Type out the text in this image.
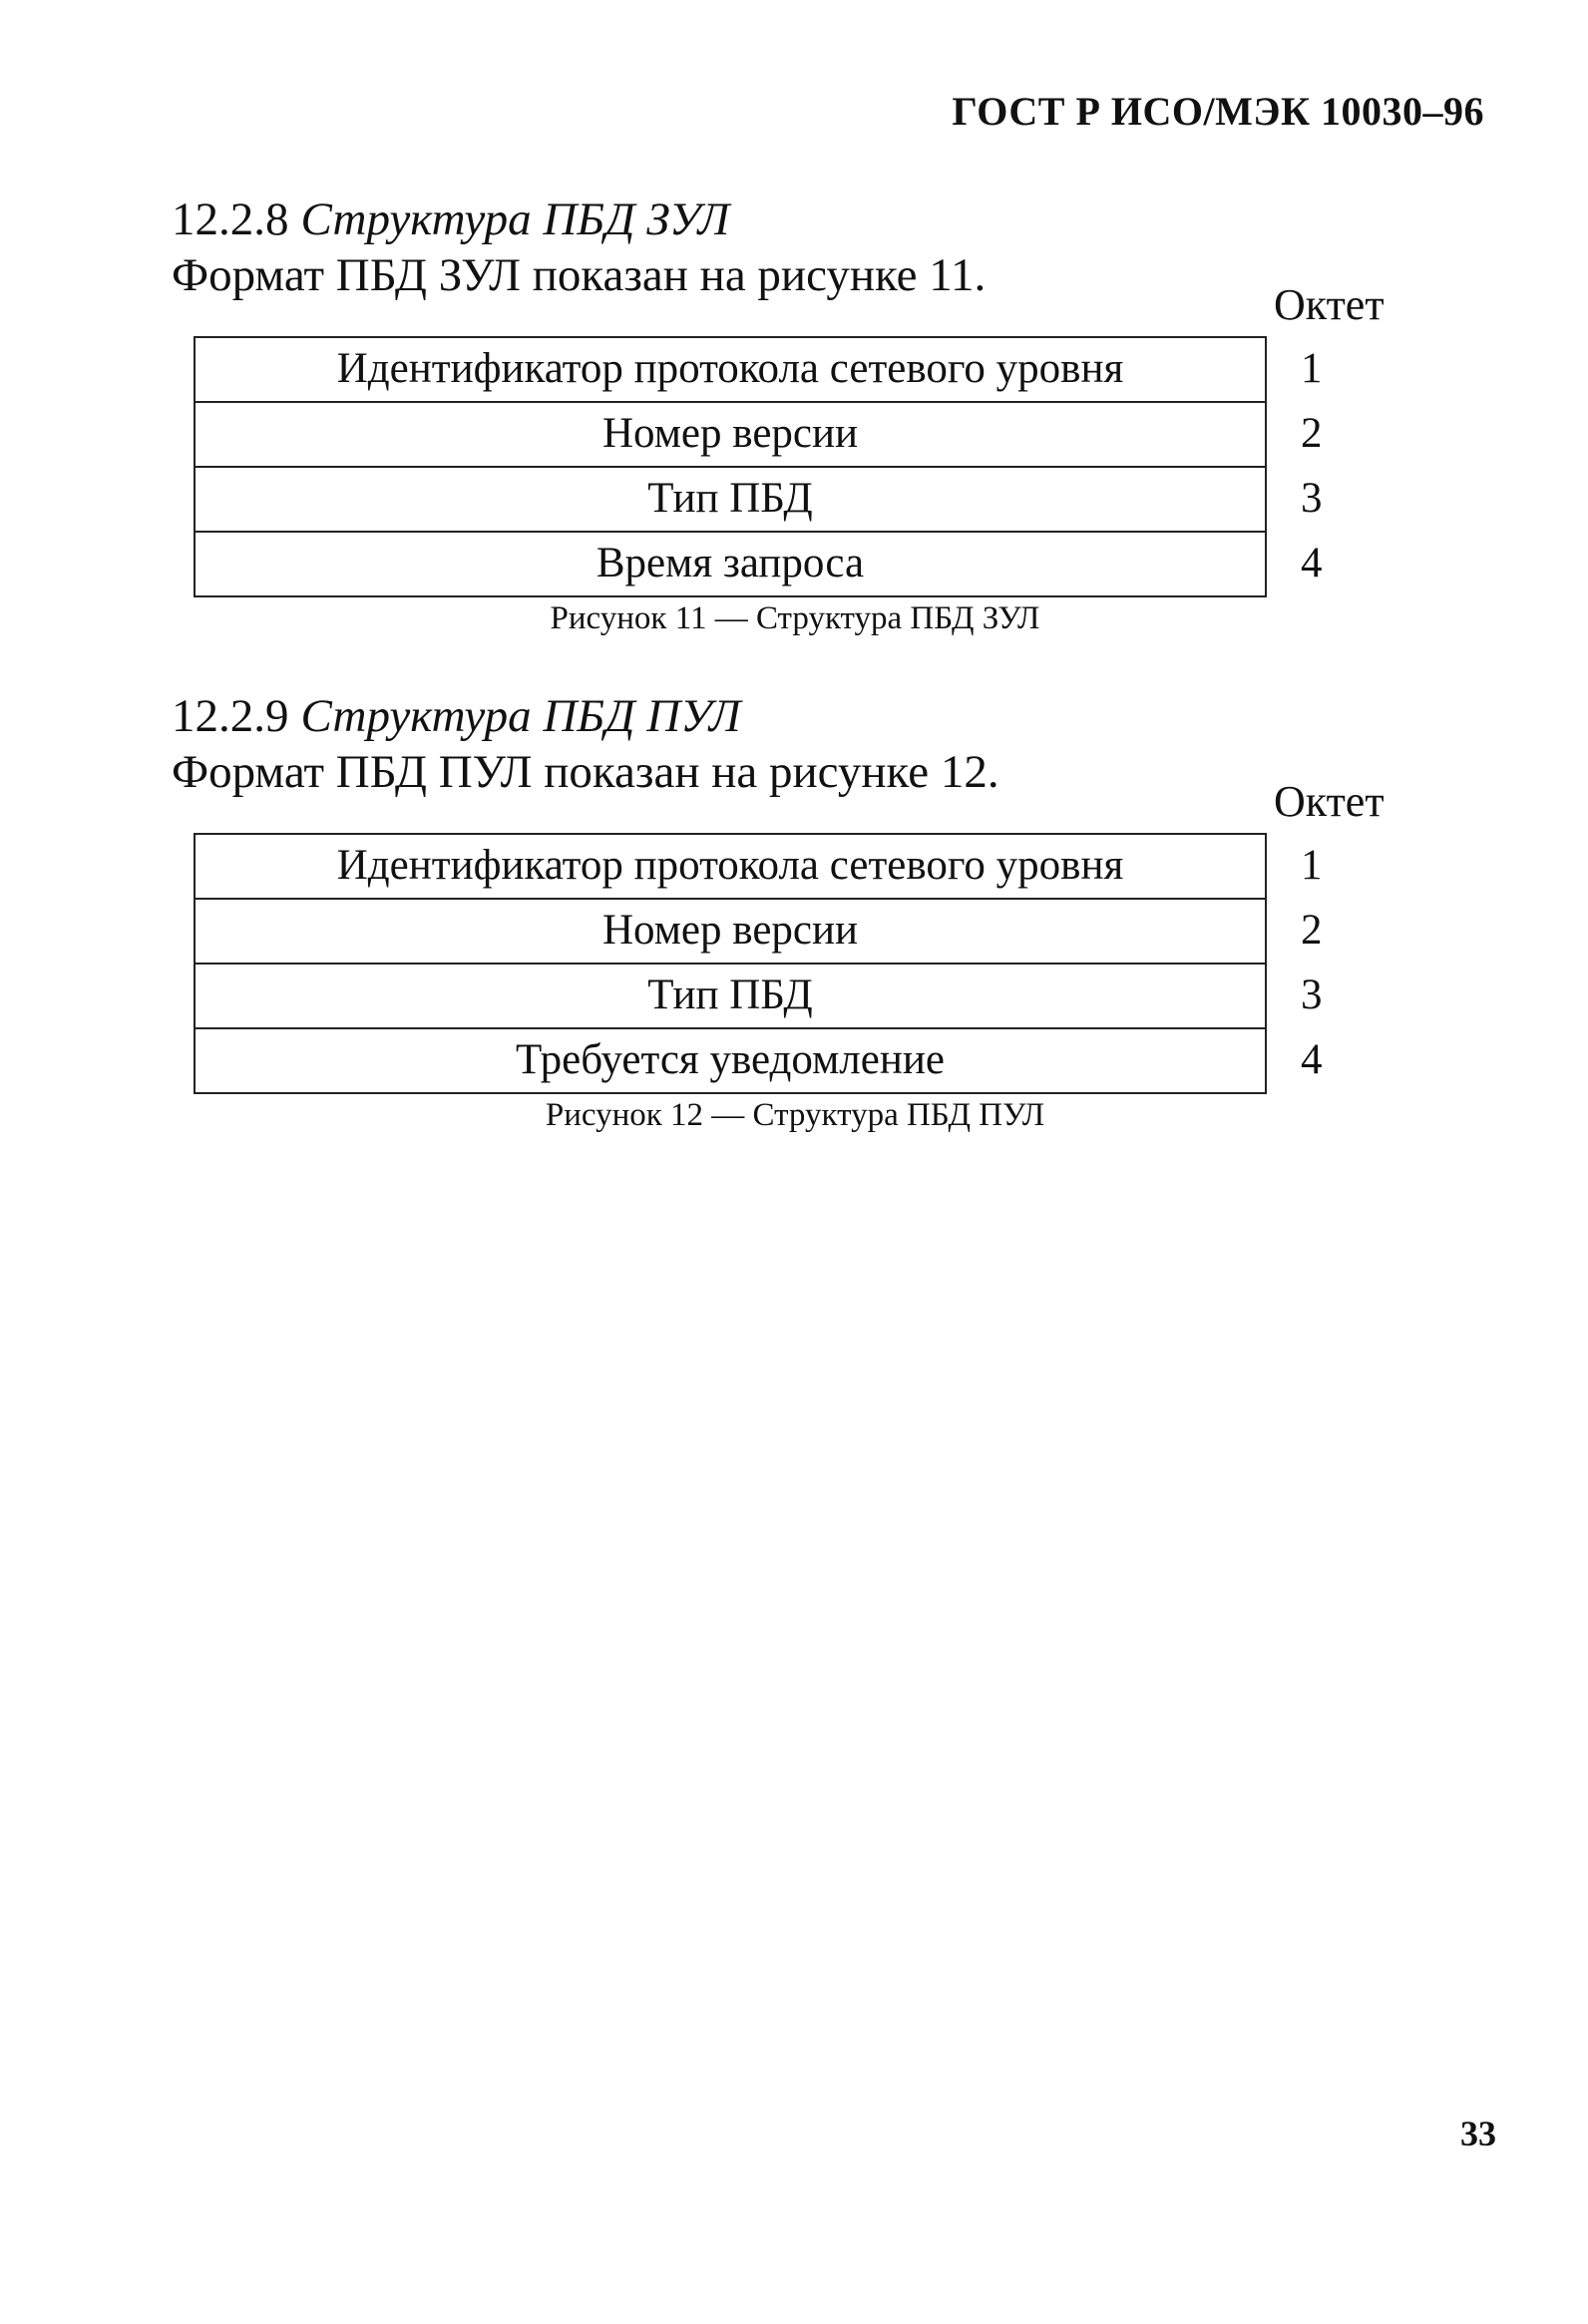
ГОСТ Р ИСО/МЭК 10030–96
12.2.8 Структура ПБД ЗУЛ
Формат ПБД ЗУЛ показан на рисунке 11.
Октет
Идентификатор протокола сетевого уровня	1
Номер версии	2
Тип ПБД	3
Время запроса	4
Рисунок 11 — Структура ПБД ЗУЛ
12.2.9 Структура ПБД ПУЛ
Формат ПБД ПУЛ показан на рисунке 12.
Октет
Идентификатор протокола сетевого уровня	1
Номер версии	2
Тип ПБД	3
Требуется уведомление	4
Рисунок 12 — Структура ПБД ПУЛ
33
